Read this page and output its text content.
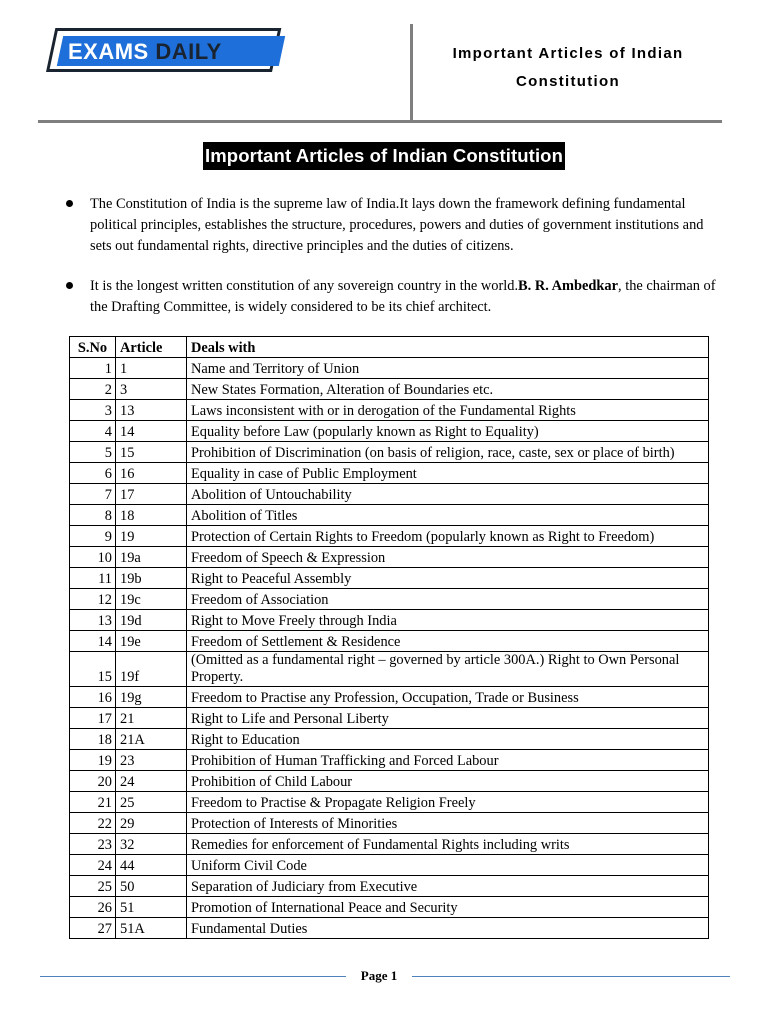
EXAMS DAILY	Important Articles of Indian
Constitution
Important Articles of Indian Constitution
The Constitution of India is the supreme law of India.It lays down the framework defining fundamental political principles, establishes the structure, procedures, powers and duties of government institutions and sets out fundamental rights, directive principles and the duties of citizens.
It is the longest written constitution of any sovereign country in the world.B. R. Ambedkar, the chairman of the Drafting Committee, is widely considered to be its chief architect.
S.No	Article	Deals with
1	1	Name and Territory of Union
2	3	New States Formation, Alteration of Boundaries etc.
3	13	Laws inconsistent with or in derogation of the Fundamental Rights
4	14	Equality before Law (popularly known as Right to Equality)
5	15	Prohibition of Discrimination (on basis of religion, race, caste, sex or place of birth)
6	16	Equality in case of Public Employment
7	17	Abolition of Untouchability
8	18	Abolition of Titles
9	19	Protection of Certain Rights to Freedom (popularly known as Right to Freedom)
10	19a	Freedom of Speech & Expression
11	19b	Right to Peaceful Assembly
12	19c	Freedom of Association
13	19d	Right to Move Freely through India
14	19e	Freedom of Settlement & Residence
15	19f	(Omitted as a fundamental right – governed by article 300A.) Right to Own Personal Property.
16	19g	Freedom to Practise any Profession, Occupation, Trade or Business
17	21	Right to Life and Personal Liberty
18	21A	Right to Education
19	23	Prohibition of Human Trafficking and Forced Labour
20	24	Prohibition of Child Labour
21	25	Freedom to Practise & Propagate Religion Freely
22	29	Protection of Interests of Minorities
23	32	Remedies for enforcement of Fundamental Rights including writs
24	44	Uniform Civil Code
25	50	Separation of Judiciary from Executive
26	51	Promotion of International Peace and Security
27	51A	Fundamental Duties
Page 1
